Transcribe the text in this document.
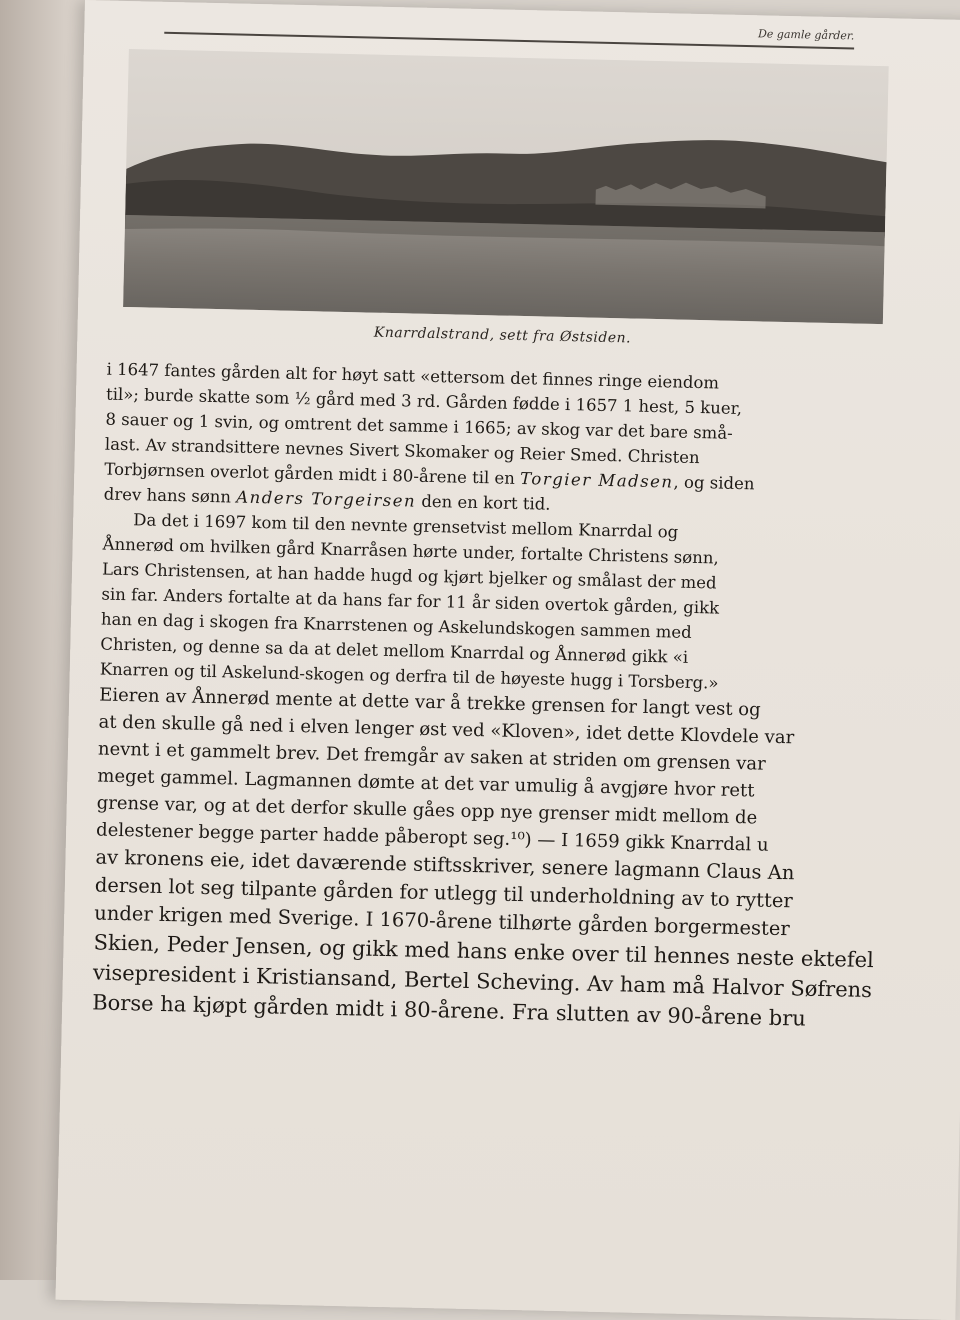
De gamle gårder.
Knarrdalstrand, sett fra Østsiden.
i 1647 fantes gården alt for høyt satt «ettersom det finnes ringe eiendom
til»; burde skatte som ½ gård med 3 rd. Gården fødde i 1657 1 hest, 5 kuer,
8 sauer og 1 svin, og omtrent det samme i 1665; av skog var det bare små-
last. Av strandsittere nevnes Sivert Skomaker og Reier Smed. Christen
Torbjørnsen overlot gården midt i 80-årene til en Torgier Madsen, og siden
drev hans sønn Anders Torgeirsen den en kort tid.
Da det i 1697 kom til den nevnte grensetvist mellom Knarrdal og
Ånnerød om hvilken gård Knarråsen hørte under, fortalte Christens sønn,
Lars Christensen, at han hadde hugd og kjørt bjelker og smålast der med
sin far. Anders fortalte at da hans far for 11 år siden overtok gården, gikk
han en dag i skogen fra Knarrstenen og Askelundskogen sammen med
Christen, og denne sa da at delet mellom Knarrdal og Ånnerød gikk «i
Knarren og til Askelund-skogen og derfra til de høyeste hugg i Torsberg.»
Eieren av Ånnerød mente at dette var å trekke grensen for langt vest og
at den skulle gå ned i elven lenger øst ved «Kloven», idet dette Klovdele var
nevnt i et gammelt brev. Det fremgår av saken at striden om grensen var
meget gammel. Lagmannen dømte at det var umulig å avgjøre hvor rett
grense var, og at det derfor skulle gåes opp nye grenser midt mellom de
delestener begge parter hadde påberopt seg.¹⁰) — I 1659 gikk Knarrdal u
av kronens eie, idet daværende stiftsskriver, senere lagmann Claus An
dersen lot seg tilpante gården for utlegg til underholdning av to rytter
under krigen med Sverige. I 1670-årene tilhørte gården borgermester
Skien, Peder Jensen, og gikk med hans enke over til hennes neste ektefel
visepresident i Kristiansand, Bertel Scheving. Av ham må Halvor Søfrens
Borse ha kjøpt gården midt i 80-årene. Fra slutten av 90-årene bru
